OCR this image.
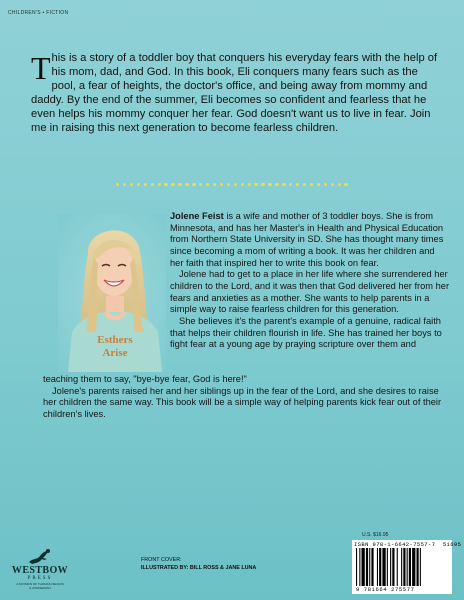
CHILDREN'S • FICTION
This is a story of a toddler boy that conquers his everyday fears with the help of his mom, dad, and God. In this book, Eli conquers many fears such as the pool, a fear of heights, the doctor's office, and being away from mommy and daddy. By the end of the summer, Eli becomes so confident and fearless that he even helps his mommy conquer her fear. God doesn't want us to live in fear. Join me in raising this next generation to become fearless children.
Esthers
Arise

Jolene Feist is a wife and mother of 3 toddler boys. She is from Minnesota, and has her Master's in Health and Physical Education from Northern State University in SD. She has thought many times since becoming a mom of writing a book. It was her children and her faith that inspired her to write this book on fear.

Jolene had to get to a place in her life where she surrendered her children to the Lord, and it was then that God delivered her from her fears and anxieties as a mother. She wants to help parents in a simple way to raise fearless children for this generation.

She believes it's the parent's example of a genuine, radical faith that helps their children flourish in life. She has trained her boys to fight fear at a young age by praying scripture over them and

teaching them to say, "bye-bye fear, God is here!"

Jolene's parents raised her and her siblings up in the fear of the Lord, and she desires to raise her children the same way. This book will be a simple way of helping parents kick fear out of their children's lives.

U.S. $16.95
ISBN 978-1-6642-7557-7 51695
9 781664 275577
WESTBOW
PRESS
A DIVISION OF THOMAS NELSON
& ZONDERVAN
FRONT COVER:
ILLUSTRATED BY: BILL ROSS & JANE LUNA
